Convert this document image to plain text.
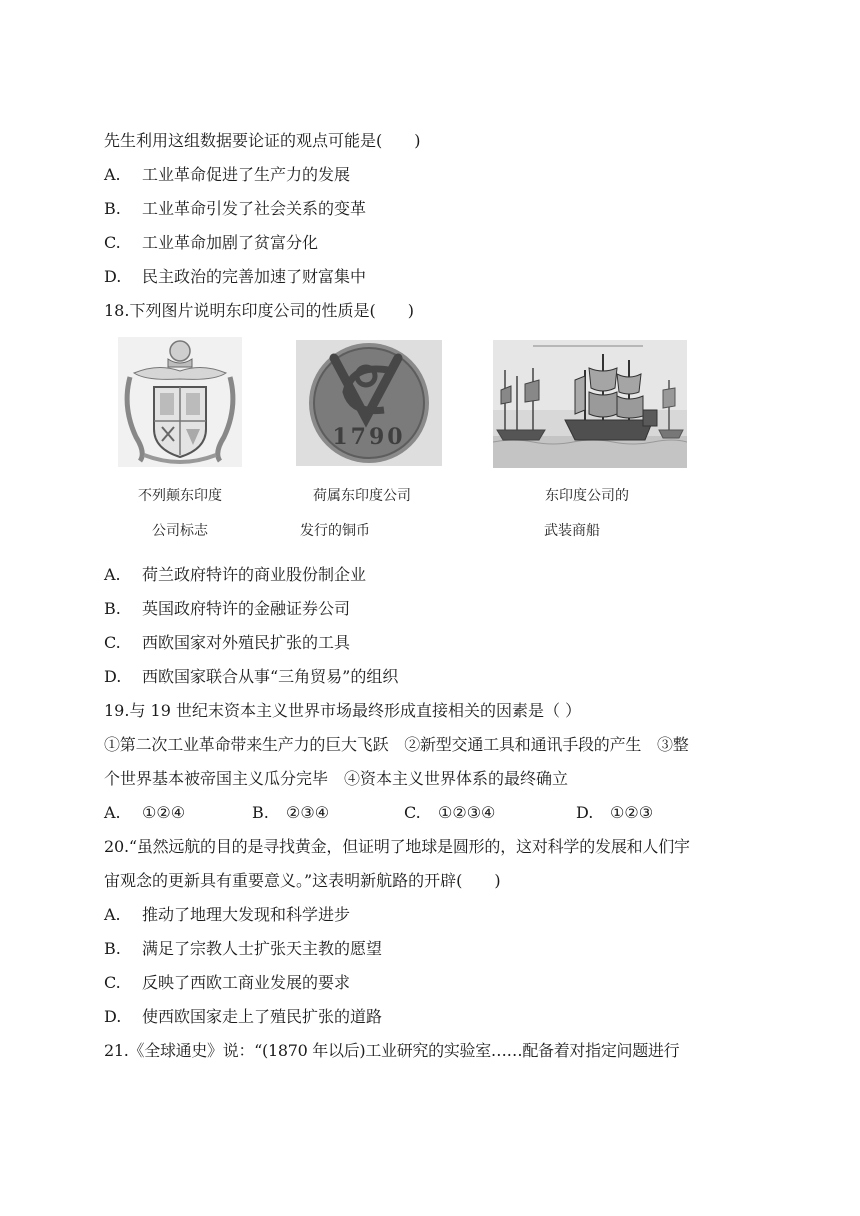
先生利用这组数据要论证的观点可能是(　　)
A. 工业革命促进了生产力的发展
B. 工业革命引发了社会关系的变革
C. 工业革命加剧了贫富分化
D. 民主政治的完善加速了财富集中
18.下列图片说明东印度公司的性质是(　　)
1790
不列颠东印度
公司标志
荷属东印度公司
发行的铜币
东印度公司的
武装商船
A. 荷兰政府特许的商业股份制企业
B. 英国政府特许的金融证券公司
C. 西欧国家对外殖民扩张的工具
D. 西欧国家联合从事“三角贸易”的组织
19.与 19 世纪末资本主义世界市场最终形成直接相关的因素是（ ）
①第二次工业革命带来生产力的巨大飞跃　②新型交通工具和通讯手段的产生　③整
个世界基本被帝国主义瓜分完毕　④资本主义世界体系的最终确立
A. ①②④	B. ②③④	C. ①②③④	D. ①②③
20.“虽然远航的目的是寻找黄金，但证明了地球是圆形的，这对科学的发展和人们宇
宙观念的更新具有重要意义。”这表明新航路的开辟(　　)
A. 推动了地理大发现和科学进步
B. 满足了宗教人士扩张天主教的愿望
C. 反映了西欧工商业发展的要求
D. 使西欧国家走上了殖民扩张的道路
21.《全球通史》说：“(1870 年以后)工业研究的实验室……配备着对指定问题进行
